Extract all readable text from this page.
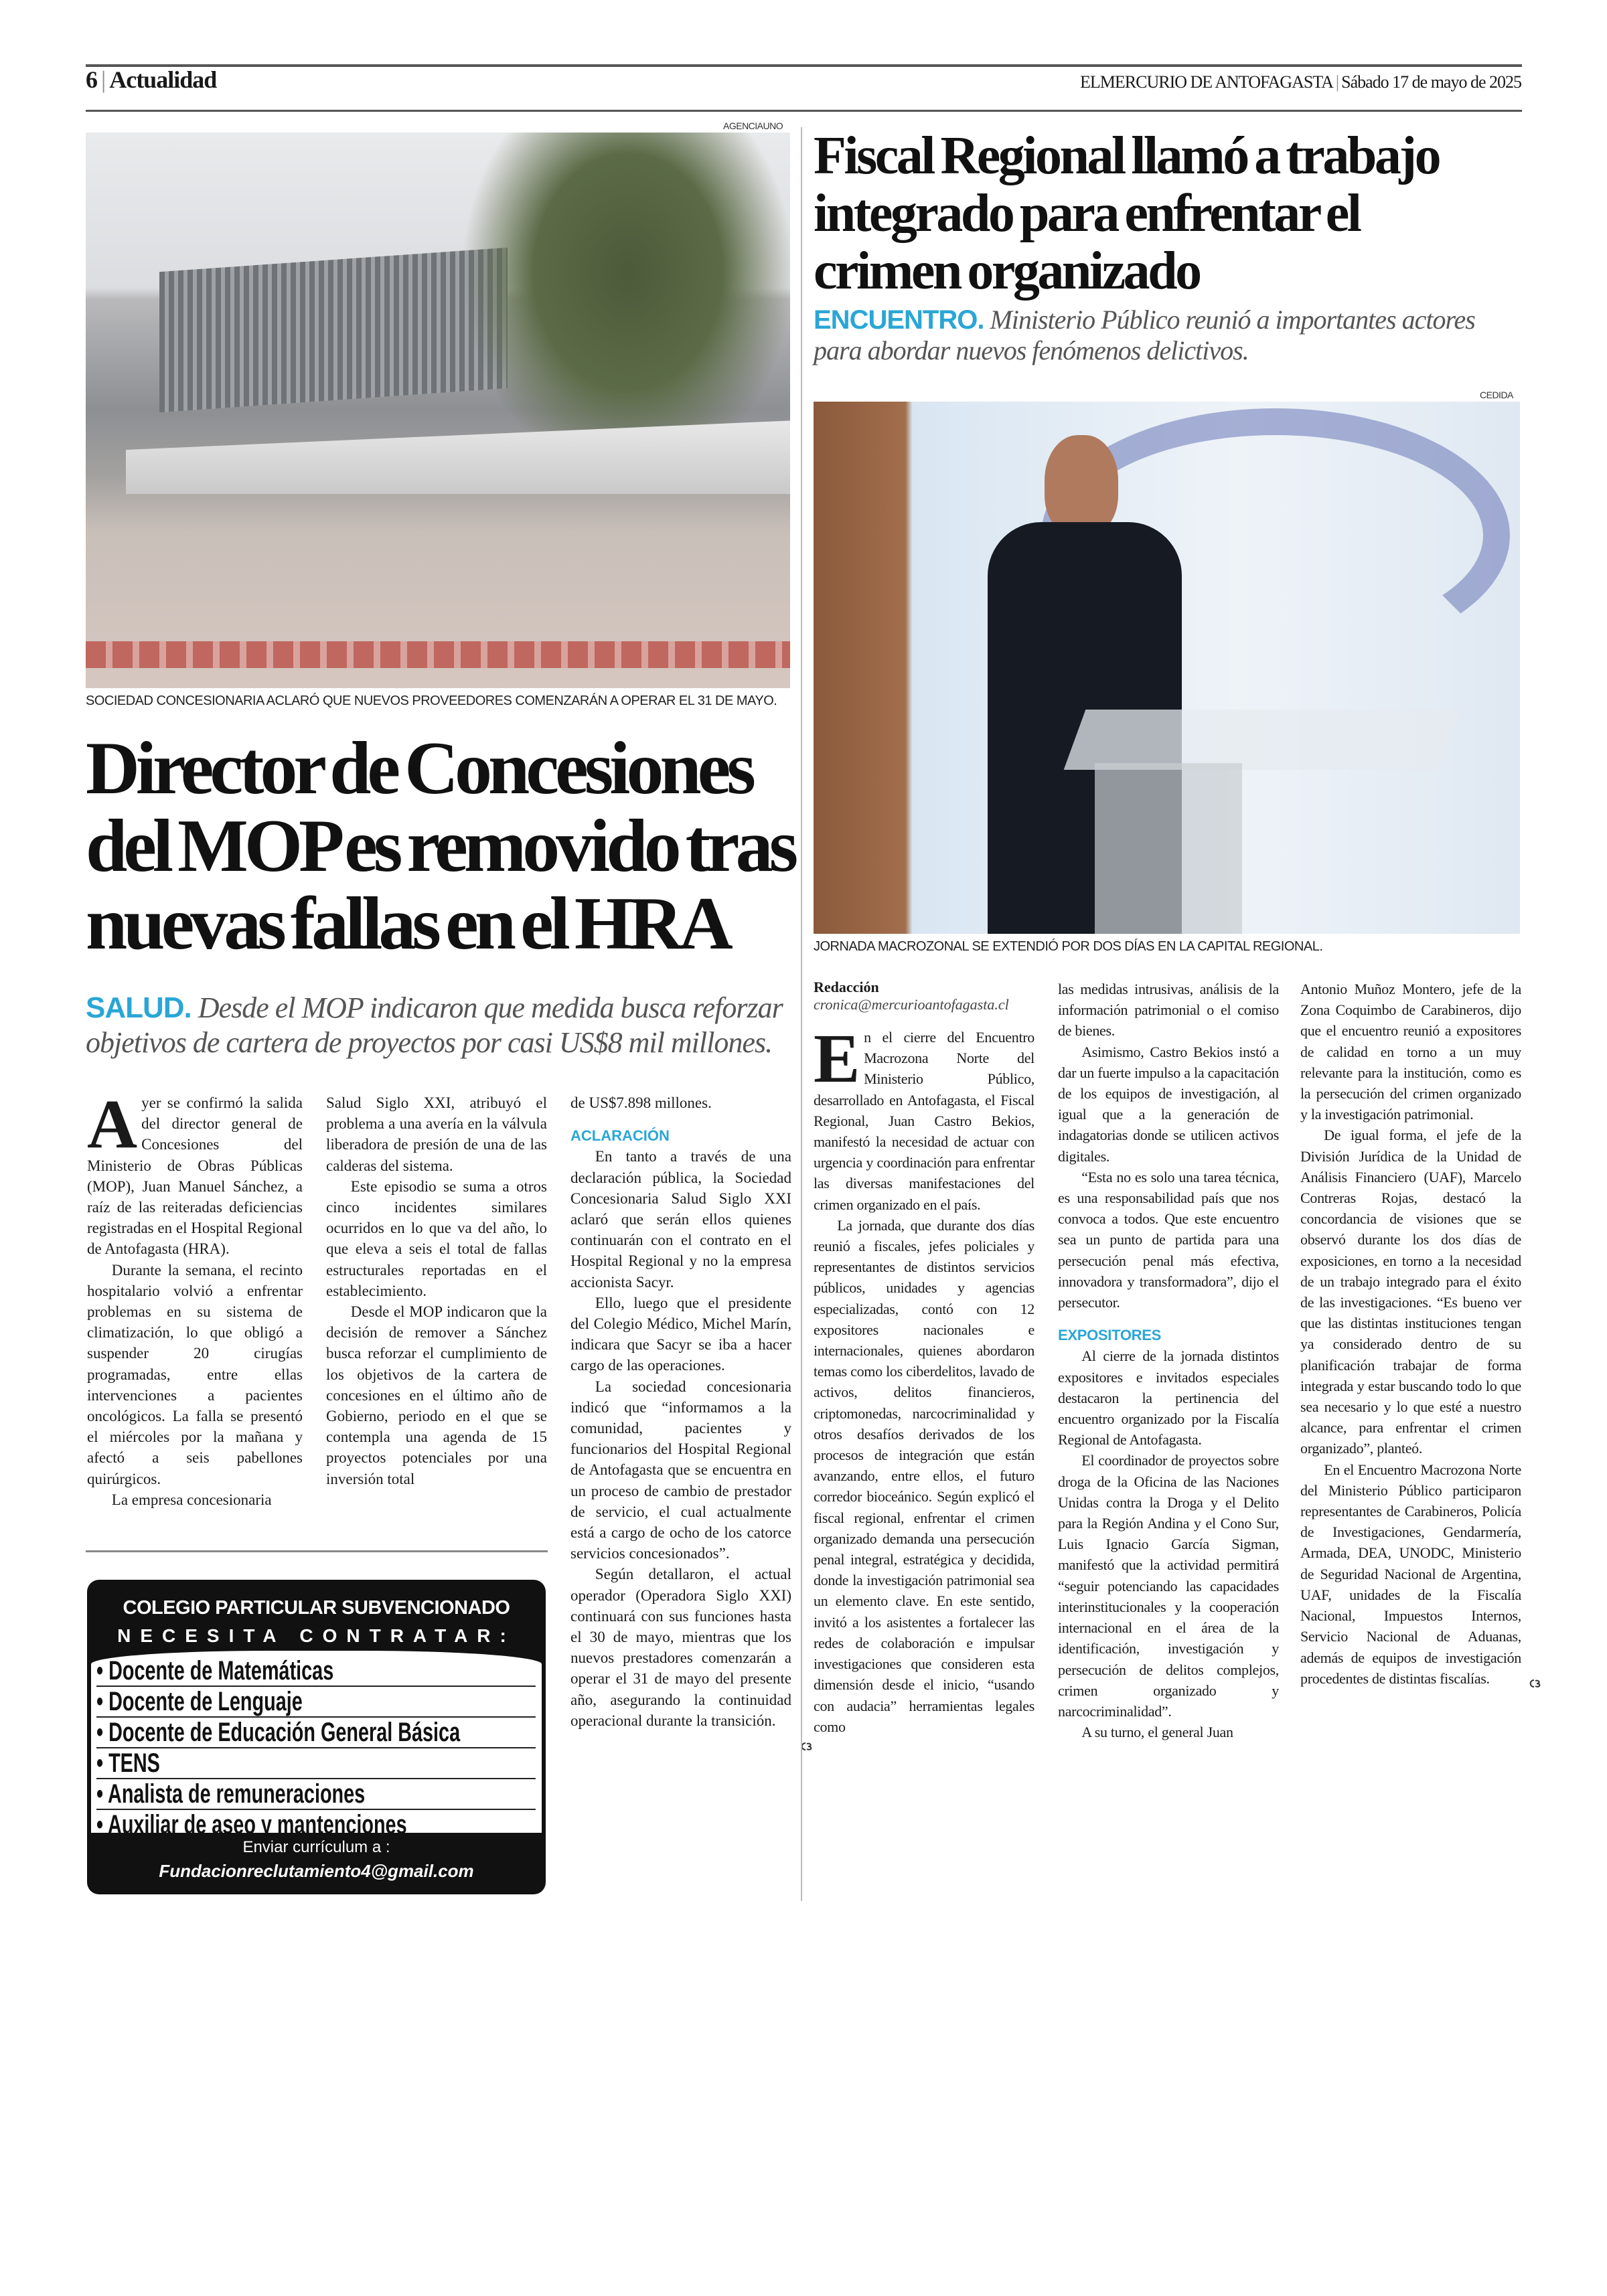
6 | Actualidad	ELMERCURIO DE ANTOFAGASTA | Sábado 17 de mayo de 2025
AGENCIAUNO
SOCIEDAD CONCESIONARIA ACLARÓ QUE NUEVOS PROVEEDORES COMENZARÁN A OPERAR EL 31 DE MAYO.
Director de Concesiones
del MOP es removido tras
nuevas fallas en el HRA
SALUD. Desde el MOP indicaron que medida busca reforzar objetivos de cartera de proyectos por casi US$8 mil millones.

Ayer se confirmó la salida del director general de Concesiones del Ministerio de Obras Públicas (MOP), Juan Manuel Sánchez, a raíz de las reiteradas deficiencias registradas en el Hospital Regional de Antofagasta (HRA).

Durante la semana, el recinto hospitalario volvió a enfrentar problemas en su sistema de climatización, lo que obligó a suspender 20 cirugías programadas, entre ellas intervenciones a pacientes oncológicos. La falla se presentó el miércoles por la mañana y afectó a seis pabellones quirúrgicos.

La empresa concesionaria

Salud Siglo XXI, atribuyó el problema a una avería en la válvula liberadora de presión de una de las calderas del sistema.

Este episodio se suma a otros cinco incidentes similares ocurridos en lo que va del año, lo que eleva a seis el total de fallas estructurales reportadas en el establecimiento.

Desde el MOP indicaron que la decisión de remover a Sánchez busca reforzar el cumplimiento de los objetivos de la cartera de concesiones en el último año de Gobierno, periodo en el que se contempla una agenda de 15 proyectos potenciales por una inversión total

de US$7.898 millones.

ACLARACIÓN

En tanto a través de una declaración pública, la Sociedad Concesionaria Salud Siglo XXI aclaró que serán ellos quienes continuarán con el contrato en el Hospital Regional y no la empresa accionista Sacyr.

Ello, luego que el presidente del Colegio Médico, Michel Marín, indicara que Sacyr se iba a hacer cargo de las operaciones.

La sociedad concesionaria indicó que “informamos a la comunidad, pacientes y funcionarios del Hospital Regional de Antofagasta que se encuentra en un proceso de cambio de prestador de servicio, el cual actualmente está a cargo de ocho de los catorce servicios concesionados”.

Según detallaron, el actual operador (Operadora Siglo XXI) continuará con sus funciones hasta el 30 de mayo, mientras que los nuevos prestadores comenzarán a operar el 31 de mayo del presente año, asegurando la continuidad operacional durante la transición.

COLEGIO PARTICULAR SUBVENCIONADO
NECESITA CONTRATAR:
• Docente de Matemáticas
• Docente de Lenguaje
• Docente de Educación General Básica
• TENS
• Analista de remuneraciones
• Auxiliar de aseo y mantenciones
Enviar currículum a :
Fundacionreclutamiento4@gmail.com
Fiscal Regional llamó a trabajo
integrado para enfrentar el
crimen organizado
ENCUENTRO. Ministerio Público reunió a importantes actores para abordar nuevos fenómenos delictivos.
CEDIDA
JORNADA MACROZONAL SE EXTENDIÓ POR DOS DÍAS EN LA CAPITAL REGIONAL.
Redacción
cronica@mercurioantofagasta.cl

En el cierre del Encuentro Macrozona Norte del Ministerio Público, desarrollado en Antofagasta, el Fiscal Regional, Juan Castro Bekios, manifestó la necesidad de actuar con urgencia y coordinación para enfrentar las diversas manifestaciones del crimen organizado en el país.

La jornada, que durante dos días reunió a fiscales, jefes policiales y representantes de distintos servicios públicos, unidades y agencias especializadas, contó con 12 expositores nacionales e internacionales, quienes abordaron temas como los ciberdelitos, lavado de activos, delitos financieros, criptomonedas, narcocriminalidad y otros desafíos derivados de los procesos de integración que están avanzando, entre ellos, el futuro corredor bioceánico. Según explicó el fiscal regional, enfrentar el crimen organizado demanda una persecución penal integral, estratégica y decidida, donde la investigación patrimonial sea un elemento clave. En este sentido, invitó a los asistentes a fortalecer las redes de colaboración e impulsar investigaciones que consideren esta dimensión desde el inicio, “usando con audacia” herramientas legales como

las medidas intrusivas, análisis de la información patrimonial o el comiso de bienes.

Asimismo, Castro Bekios instó a dar un fuerte impulso a la capacitación de los equipos de investigación, al igual que a la generación de indagatorias donde se utilicen activos digitales.

“Esta no es solo una tarea técnica, es una responsabilidad país que nos convoca a todos. Que este encuentro sea un punto de partida para una persecución penal más efectiva, innovadora y transformadora”, dijo el persecutor.

EXPOSITORES

Al cierre de la jornada distintos expositores e invitados especiales destacaron la pertinencia del encuentro organizado por la Fiscalía Regional de Antofagasta.

El coordinador de proyectos sobre droga de la Oficina de las Naciones Unidas contra la Droga y el Delito para la Región Andina y el Cono Sur, Luis Ignacio García Sigman, manifestó que la actividad permitirá “seguir potenciando las capacidades interinstitucionales y la cooperación internacional en el área de la identificación, investigación y persecución de delitos complejos, crimen organizado y narcocriminalidad”.

A su turno, el general Juan

Antonio Muñoz Montero, jefe de la Zona Coquimbo de Carabineros, dijo que el encuentro reunió a expositores de calidad en torno a un muy relevante para la institución, como es la persecución del crimen organizado y la investigación patrimonial.

De igual forma, el jefe de la División Jurídica de la Unidad de Análisis Financiero (UAF), Marcelo Contreras Rojas, destacó la concordancia de visiones que se observó durante los dos días de exposiciones, en torno a la necesidad de un trabajo integrado para el éxito de las investigaciones. “Es bueno ver que las distintas instituciones tengan ya considerado dentro de su planificación trabajar de forma integrada y estar buscando todo lo que sea necesario y lo que esté a nuestro alcance, para enfrentar el crimen organizado”, planteó.

En el Encuentro Macrozona Norte del Ministerio Público participaron representantes de Carabineros, Policía de Investigaciones, Gendarmería, Armada, DEA, UNODC, Ministerio de Seguridad Nacional de Argentina, UAF, unidades de la Fiscalía Nacional, Impuestos Internos, Servicio Nacional de Aduanas, además de equipos de investigación procedentes de distintas fiscalías.
